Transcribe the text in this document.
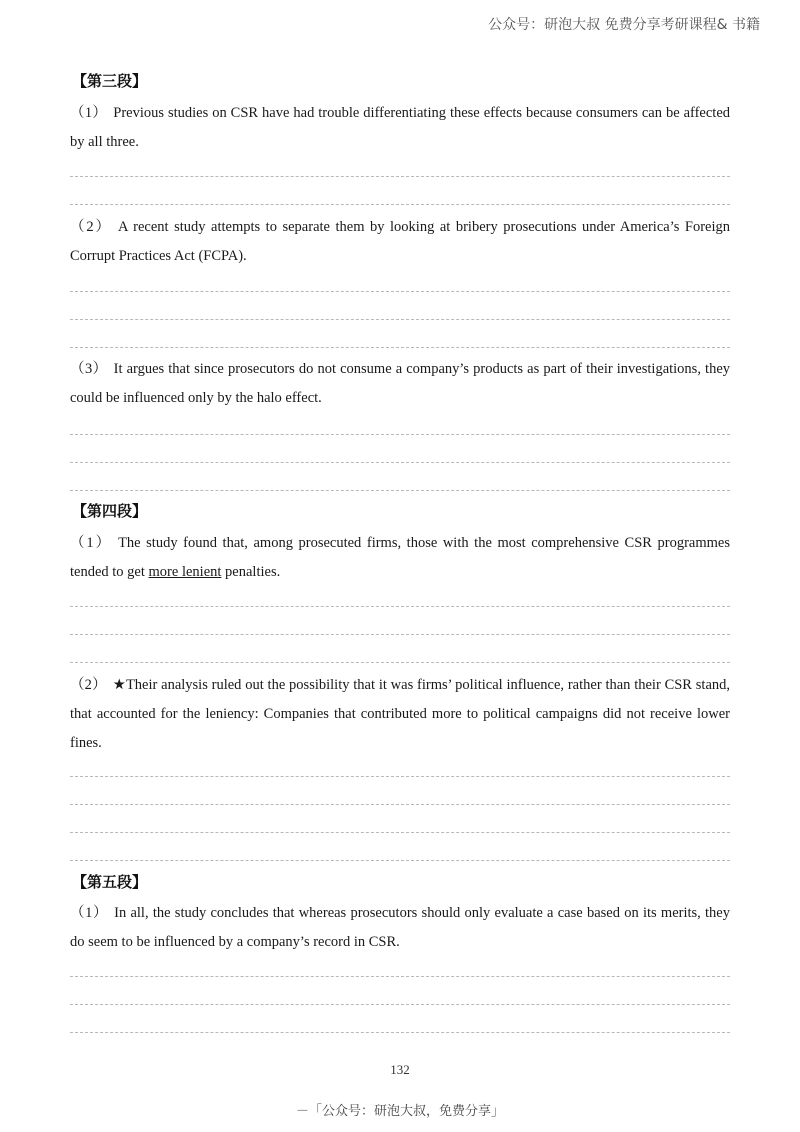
公众号：研泡大叔 免费分享考研课程& 书籍
【第三段】
（1） Previous studies on CSR have had trouble differentiating these effects because consumers can be affected by all three.
（2） A recent study attempts to separate them by looking at bribery prosecutions under America’s Foreign Corrupt Practices Act (FCPA).
（3） It argues that since prosecutors do not consume a company’s products as part of their investigations, they could be influenced only by the halo effect.
【第四段】
（1） The study found that, among prosecuted firms, those with the most comprehensive CSR programmes tended to get more lenient penalties.
（2） ★Their analysis ruled out the possibility that it was firms’ political influence, rather than their CSR stand, that accounted for the leniency: Companies that contributed more to political campaigns did not receive lower fines.
【第五段】
（1） In all, the study concludes that whereas prosecutors should only evaluate a case based on its merits, they do seem to be influenced by a company’s record in CSR.
132
－「公众号：研泡大叔，免费分享」
